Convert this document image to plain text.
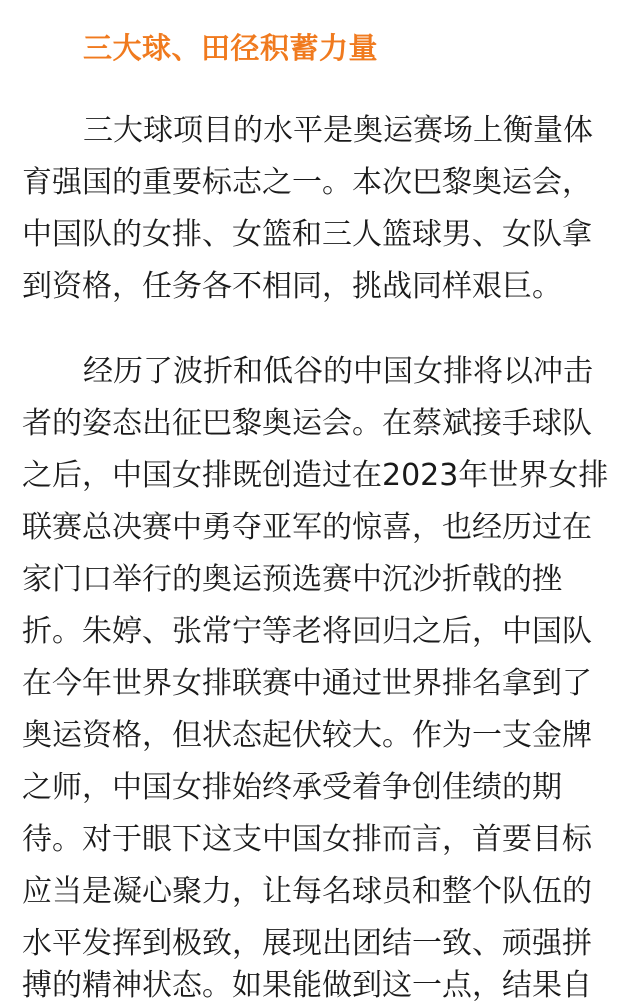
三大球、田径积蓄力量
三大球项目的水平是奥运赛场上衡量体
育强国的重要标志之一。本次巴黎奥运会，
中国队的女排、女篮和三人篮球男、女队拿
到资格，任务各不相同，挑战同样艰巨。
经历了波折和低谷的中国女排将以冲击
者的姿态出征巴黎奥运会。在蔡斌接手球队
之后，中国女排既创造过在2023年世界女排
联赛总决赛中勇夺亚军的惊喜，也经历过在
家门口举行的奥运预选赛中沉沙折戟的挫
折。朱婷、张常宁等老将回归之后，中国队
在今年世界女排联赛中通过世界排名拿到了
奥运资格，但状态起伏较大。作为一支金牌
之师，中国女排始终承受着争创佳绩的期
待。对于眼下这支中国女排而言，首要目标
应当是凝心聚力，让每名球员和整个队伍的
水平发挥到极致，展现出团结一致、顽强拼
搏的精神状态。如果能做到这一点，结果自
